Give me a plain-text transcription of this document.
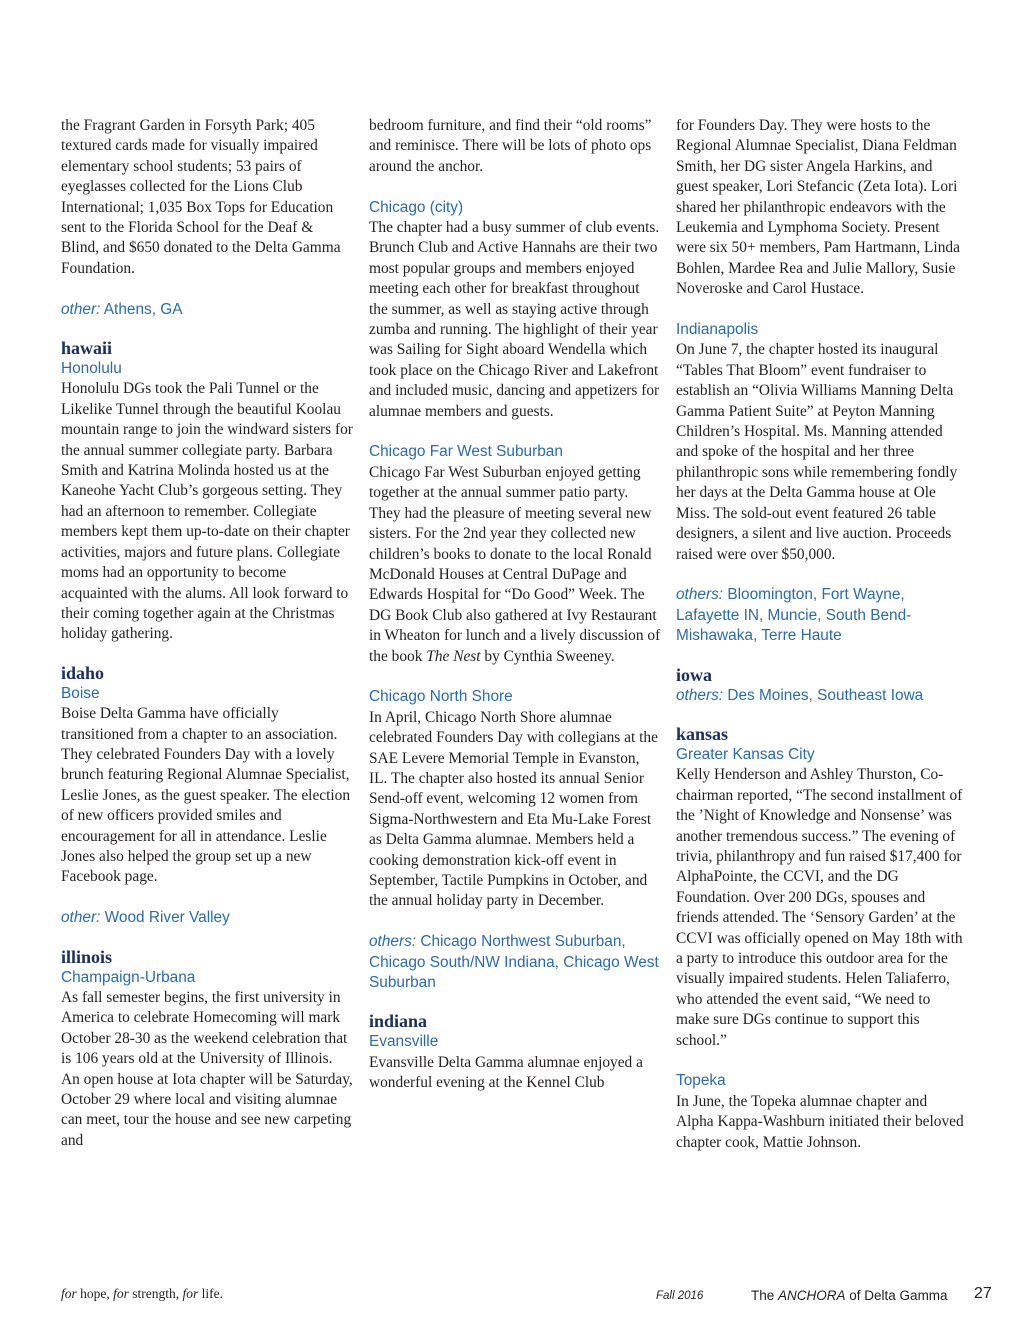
the Fragrant Garden in Forsyth Park; 405 textured cards made for visually impaired elementary school students; 53 pairs of eyeglasses collected for the Lions Club International; 1,035 Box Tops for Education sent to the Florida School for the Deaf & Blind, and $650 donated to the Delta Gamma Foundation.

other: Athens, GA
hawaii
Honolulu

Honolulu DGs took the Pali Tunnel or the Likelike Tunnel through the beautiful Koolau mountain range to join the windward sisters for the annual summer collegiate party. Barbara Smith and Katrina Molinda hosted us at the Kaneohe Yacht Club’s gorgeous setting. They had an afternoon to remember. Collegiate members kept them up-to-date on their chapter activities, majors and future plans. Collegiate moms had an opportunity to become acquainted with the alums. All look forward to their coming together again at the Christmas holiday gathering.

idaho
Boise

Boise Delta Gamma have officially transitioned from a chapter to an association. They celebrated Founders Day with a lovely brunch featuring Regional Alumnae Specialist, Leslie Jones, as the guest speaker. The election of new officers provided smiles and encouragement for all in attendance. Leslie Jones also helped the group set up a new Facebook page.

other: Wood River Valley
illinois
Champaign-Urbana

As fall semester begins, the first university in America to celebrate Homecoming will mark October 28-30 as the weekend celebration that is 106 years old at the University of Illinois. An open house at Iota chapter will be Saturday, October 29 where local and visiting alumnae can meet, tour the house and see new carpeting and

bedroom furniture, and find their “old rooms” and reminisce. There will be lots of photo ops around the anchor.

Chicago (city)

The chapter had a busy summer of club events. Brunch Club and Active Hannahs are their two most popular groups and members enjoyed meeting each other for breakfast throughout the summer, as well as staying active through zumba and running. The highlight of their year was Sailing for Sight aboard Wendella which took place on the Chicago River and Lakefront and included music, dancing and appetizers for alumnae members and guests.

Chicago Far West Suburban

Chicago Far West Suburban enjoyed getting together at the annual summer patio party. They had the pleasure of meeting several new sisters. For the 2nd year they collected new children’s books to donate to the local Ronald McDonald Houses at Central DuPage and Edwards Hospital for “Do Good” Week. The DG Book Club also gathered at Ivy Restaurant in Wheaton for lunch and a lively discussion of the book The Nest by Cynthia Sweeney.

Chicago North Shore

In April, Chicago North Shore alumnae celebrated Founders Day with collegians at the SAE Levere Memorial Temple in Evanston, IL. The chapter also hosted its annual Senior Send-off event, welcoming 12 women from Sigma-Northwestern and Eta Mu-Lake Forest as Delta Gamma alumnae. Members held a cooking demonstration kick-off event in September, Tactile Pumpkins in October, and the annual holiday party in December.

others: Chicago Northwest Suburban, Chicago South/NW Indiana, Chicago West Suburban
indiana
Evansville

Evansville Delta Gamma alumnae enjoyed a wonderful evening at the Kennel Club

for Founders Day. They were hosts to the Regional Alumnae Specialist, Diana Feldman Smith, her DG sister Angela Harkins, and guest speaker, Lori Stefancic (Zeta Iota). Lori shared her philanthropic endeavors with the Leukemia and Lymphoma Society. Present were six 50+ members, Pam Hartmann, Linda Bohlen, Mardee Rea and Julie Mallory, Susie Noveroske and Carol Hustace.

Indianapolis

On June 7, the chapter hosted its inaugural “Tables That Bloom” event fundraiser to establish an “Olivia Williams Manning Delta Gamma Patient Suite” at Peyton Manning Children’s Hospital. Ms. Manning attended and spoke of the hospital and her three philanthropic sons while remembering fondly her days at the Delta Gamma house at Ole Miss. The sold-out event featured 26 table designers, a silent and live auction. Proceeds raised were over $50,000.

others: Bloomington, Fort Wayne, Lafayette IN, Muncie, South Bend-Mishawaka, Terre Haute
iowa
others: Des Moines, Southeast Iowa
kansas
Greater Kansas City

Kelly Henderson and Ashley Thurston, Co-chairman reported, “The second installment of the ’Night of Knowledge and Nonsense’ was another tremendous success.” The evening of trivia, philanthropy and fun raised $17,400 for AlphaPointe, the CCVI, and the DG Foundation. Over 200 DGs, spouses and friends attended. The ‘Sensory Garden’ at the CCVI was officially opened on May 18th with a party to introduce this outdoor area for the visually impaired students. Helen Taliaferro, who attended the event said, “We need to make sure DGs continue to support this school.”

Topeka

In June, the Topeka alumnae chapter and Alpha Kappa-Washburn initiated their beloved chapter cook, Mattie Johnson.

for hope, for strength, for life.	Fall 2016	The ANCHORA of Delta Gamma 27
